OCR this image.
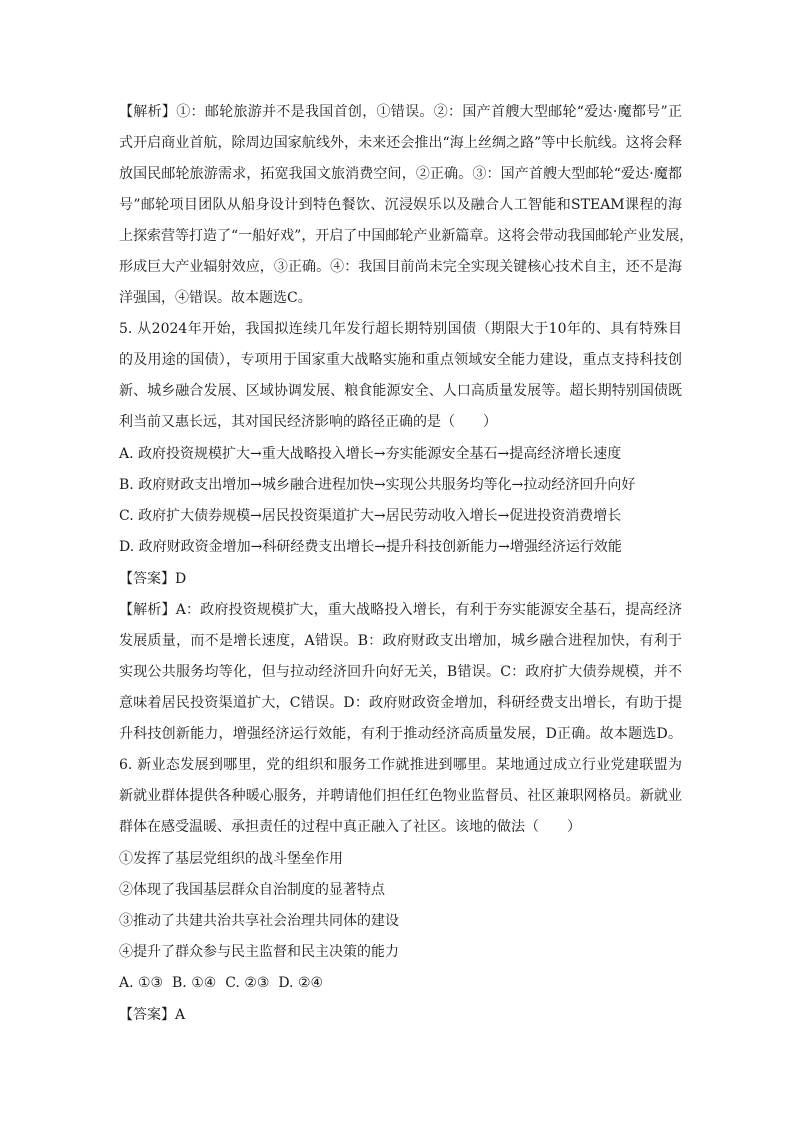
【解析】①：邮轮旅游并不是我国首创，①错误。②：国产首艘大型邮轮“爱达·魔都号”正
式开启商业首航，除周边国家航线外，未来还会推出“海上丝绸之路”等中长航线。这将会释
放国民邮轮旅游需求，拓宽我国文旅消费空间，②正确。③：国产首艘大型邮轮“爱达·魔都
号”邮轮项目团队从船身设计到特色餐饮、沉浸娱乐以及融合人工智能和STEAM课程的海
上探索营等打造了“一船好戏”，开启了中国邮轮产业新篇章。这将会带动我国邮轮产业发展，
形成巨大产业辐射效应，③正确。④：我国目前尚未完全实现关键核心技术自主，还不是海
洋强国，④错误。故本题选C。
5. 从2024年开始，我国拟连续几年发行超长期特别国债（期限大于10年的、具有特殊目
的及用途的国债），专项用于国家重大战略实施和重点领域安全能力建设，重点支持科技创
新、城乡融合发展、区域协调发展、粮食能源安全、人口高质量发展等。超长期特别国债既
利当前又惠长远，其对国民经济影响的路径正确的是（　　）
A. 政府投资规模扩大→重大战略投入增长→夯实能源安全基石→提高经济增长速度
B. 政府财政支出增加→城乡融合进程加快→实现公共服务均等化→拉动经济回升向好
C. 政府扩大债券规模→居民投资渠道扩大→居民劳动收入增长→促进投资消费增长
D. 政府财政资金增加→科研经费支出增长→提升科技创新能力→增强经济运行效能
【答案】D
【解析】A：政府投资规模扩大，重大战略投入增长，有利于夯实能源安全基石，提高经济
发展质量，而不是增长速度，A错误。B：政府财政支出增加，城乡融合进程加快，有利于
实现公共服务均等化，但与拉动经济回升向好无关，B错误。C：政府扩大债券规模，并不
意味着居民投资渠道扩大，C错误。D：政府财政资金增加，科研经费支出增长，有助于提
升科技创新能力，增强经济运行效能，有利于推动经济高质量发展，D正确。故本题选D。
6. 新业态发展到哪里，党的组织和服务工作就推进到哪里。某地通过成立行业党建联盟为
新就业群体提供各种暖心服务，并聘请他们担任红色物业监督员、社区兼职网格员。新就业
群体在感受温暖、承担责任的过程中真正融入了社区。该地的做法（　　）
①发挥了基层党组织的战斗堡垒作用
②体现了我国基层群众自治制度的显著特点
③推动了共建共治共享社会治理共同体的建设
④提升了群众参与民主监督和民主决策的能力
A. ①③  B. ①④  C. ②③  D. ②④
【答案】A
